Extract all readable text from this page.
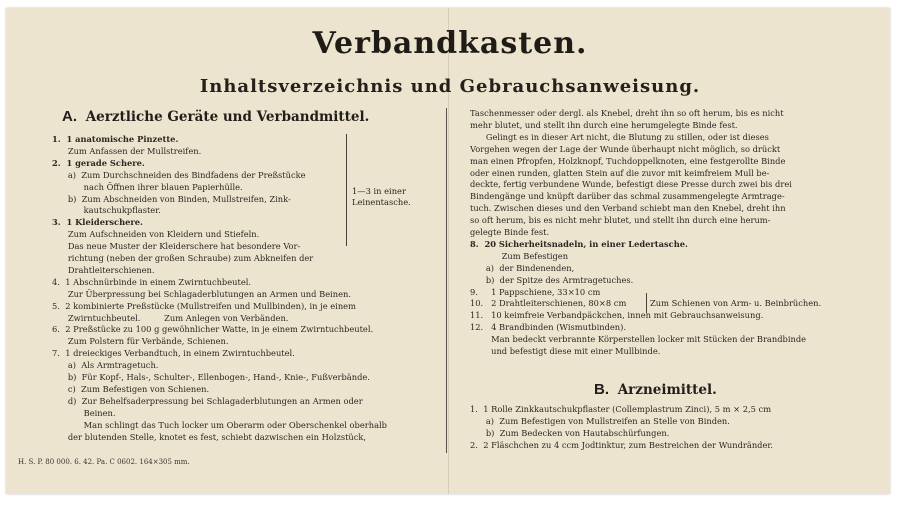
Verbandkasten.
Inhaltsverzeichnis und Gebrauchsanweisung.
A. Aerztliche Geräte und Verbandmittel.
1.  1 anatomische Pinzette.
Zum Anfassen der Mullstreifen.
2.  1 gerade Schere.
a)  Zum Durchschneiden des Bindfadens der Preßstücke
nach Öffnen ihrer blauen Papierhülle.
b)  Zum Abschneiden von Binden, Mullstreifen, Zink-
kautschukpflaster.
3.  1 Kleiderschere.
Zum Aufschneiden von Kleidern und Stiefeln.
Das neue Muster der Kleiderschere hat besondere Vor-
richtung (neben der großen Schraube) zum Abkneifen der
Drahtleiterschienen.
4.  1 Abschnürbinde in einem Zwirntuchbeutel.
Zur Überpressung bei Schlagaderblutungen an Armen und Beinen.
5.  2 kombinierte Preßstücke (Mullstreifen und Mullbinden), in je einem
Zwirntuchbeutel.         Zum Anlegen von Verbänden.
6.  2 Preßstücke zu 100 g gewöhnlicher Watte, in je einem Zwirntuchbeutel.
Zum Polstern für Verbände, Schienen.
7.  1 dreieckiges Verbandtuch, in einem Zwirntuchbeutel.
a)  Als Armtragetuch.
b)  Für Kopf-, Hals-, Schulter-, Ellenbogen-, Hand-, Knie-, Fußverbände.
c)  Zum Befestigen von Schienen.
d)  Zur Behelfsaderpressung bei Schlagaderblutungen an Armen oder
Beinen.
Man schlingt das Tuch locker um Oberarm oder Oberschenkel oberhalb
der blutenden Stelle, knotet es fest, schiebt dazwischen ein Holzstück,
1—3 in einer
Leinentasche.
Taschenmesser oder dergl. als Knebel, dreht ihn so oft herum, bis es nicht
mehr blutet, und stellt ihn durch eine herumgelegte Binde fest.
Gelingt es in dieser Art nicht, die Blutung zu stillen, oder ist dieses
Vorgehen wegen der Lage der Wunde überhaupt nicht möglich, so drückt
man einen Pfropfen, Holzknopf, Tuchdoppelknoten, eine festgerollte Binde
oder einen runden, glatten Stein auf die zuvor mit keimfreiem Mull be-
deckte, fertig verbundene Wunde, befestigt diese Presse durch zwei bis drei
Bindengänge und knüpft darüber das schmal zusammengelegte Armtrage-
tuch. Zwischen dieses und den Verband schiebt man den Knebel, dreht ihn
so oft herum, bis es nicht mehr blutet, und stellt ihn durch eine herum-
gelegte Binde fest.
8.  20 Sicherheitsnadeln, in einer Ledertasche.
Zum Befestigen
a)  der Bindenenden,
b)  der Spitze des Armtragetuches.
9.     1 Pappschiene, 33×10 cm
10.   2 Drahtleiterschienen, 80×8 cm
11.   10 keimfreie Verbandpäckchen, innen mit Gebrauchsanweisung.
12.   4 Brandbinden (Wismutbinden).
Man bedeckt verbrannte Körperstellen locker mit Stücken der Brandbinde
und befestigt diese mit einer Mullbinde.
Zum Schienen von Arm- u. Beinbrüchen.
B. Arzneimittel.
1.  1 Rolle Zinkkautschukpflaster (Collemplastrum Zinci), 5 m × 2,5 cm
a)  Zum Befestigen von Mullstreifen an Stelle von Binden.
b)  Zum Bedecken von Hautabschürfungen.
2.  2 Fläschchen zu 4 ccm Jodtinktur, zum Bestreichen der Wundränder.
H. S. P. 80 000. 6. 42. Pa. C 0602. 164×305 mm.
